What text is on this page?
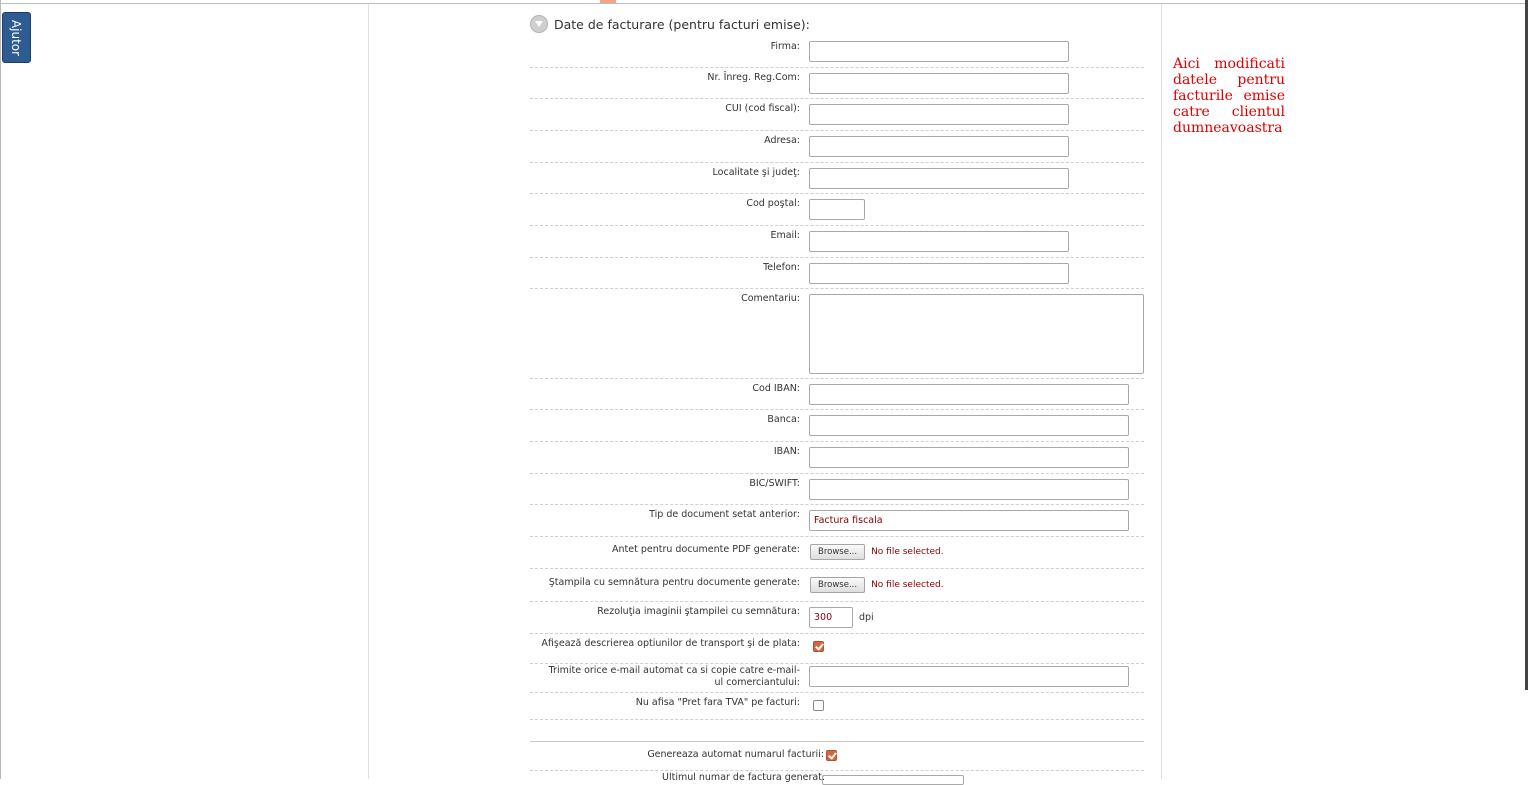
Ajutor	Date de facturare (pentru facturi emise):
Firma:
Nr. Înreg. Reg.Com:
CUI (cod fiscal):
Adresa:
Localitate şi judeţ:
Cod poştal:
Email:
Telefon:
Comentariu:
Cod IBAN:
Banca:
IBAN:
BIC/SWIFT:
Tip de document setat anterior:
Factura fiscala
Antet pentru documente PDF generate:	Browse...	No file selected.
Ştampila cu semnătura pentru documente generate:	Browse...	No file selected.
Rezoluţia imaginii ştampilei cu semnătura:
300
dpi
Afişează descrierea optiunilor de transport şi de plata:
Trimite orice e-mail automat ca si copie catre e-mail-ul comerciantului:
Nu afisa "Pret fara TVA" pe facturi:
Genereaza automat numarul facturii:
Ultimul numar de factura generat:
Aici modificati datele pentru facturile emise catre clientul dumneavoastra
